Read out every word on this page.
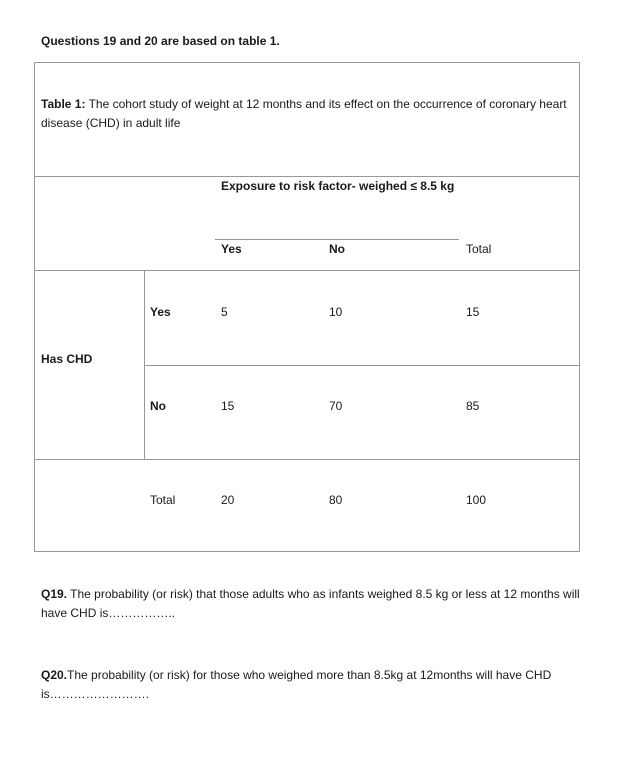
Questions 19 and 20 are based on table 1.
Table 1: The cohort study of weight at 12 months and its effect on the occurrence of coronary heart disease (CHD) in adult life
Exposure to risk factor- weighed ≤ 8.5 kg
Yes	No	Total
Has CHD
Yes	5	10	15
No	15	70	85
Total	20	80	100
Q19. The probability (or risk) that those adults who as infants weighed 8.5 kg or less at 12 months will have CHD is……………..
Q20.The probability (or risk) for those who weighed more than 8.5kg at 12months will have CHD is…………………….
